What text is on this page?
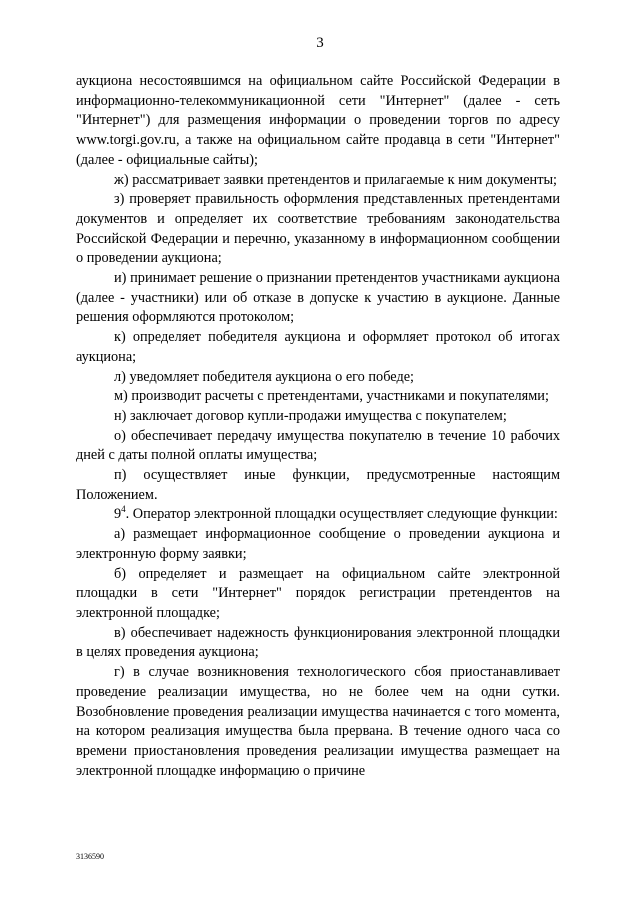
3

аукциона несостоявшимся на официальном сайте Российской Федерации в информационно-телекоммуникационной сети "Интернет" (далее - сеть "Интернет") для размещения информации о проведении торгов по адресу www.torgi.gov.ru, а также на официальном сайте продавца в сети "Интернет" (далее - официальные сайты);

ж) рассматривает заявки претендентов и прилагаемые к ним документы;

з) проверяет правильность оформления представленных претендентами документов и определяет их соответствие требованиям законодательства Российской Федерации и перечню, указанному в информационном сообщении о проведении аукциона;

и) принимает решение о признании претендентов участниками аукциона (далее - участники) или об отказе в допуске к участию в аукционе. Данные решения оформляются протоколом;

к) определяет победителя аукциона и оформляет протокол об итогах аукциона;

л) уведомляет победителя аукциона о его победе;

м) производит расчеты с претендентами, участниками и покупателями;

н) заключает договор купли-продажи имущества с покупателем;

о) обеспечивает передачу имущества покупателю в течение 10 рабочих дней с даты полной оплаты имущества;

п) осуществляет иные функции, предусмотренные настоящим Положением.

$9^4$. Оператор электронной площадки осуществляет следующие функции:

а) размещает информационное сообщение о проведении аукциона и электронную форму заявки;

б) определяет и размещает на официальном сайте электронной площадки в сети "Интернет" порядок регистрации претендентов на электронной площадке;

в) обеспечивает надежность функционирования электронной площадки в целях проведения аукциона;

г) в случае возникновения технологического сбоя приостанавливает проведение реализации имущества, но не более чем на одни сутки. Возобновление проведения реализации имущества начинается с того момента, на котором реализация имущества была прервана. В течение одного часа со времени приостановления проведения реализации имущества размещает на электронной площадке информацию о причине

3136590
